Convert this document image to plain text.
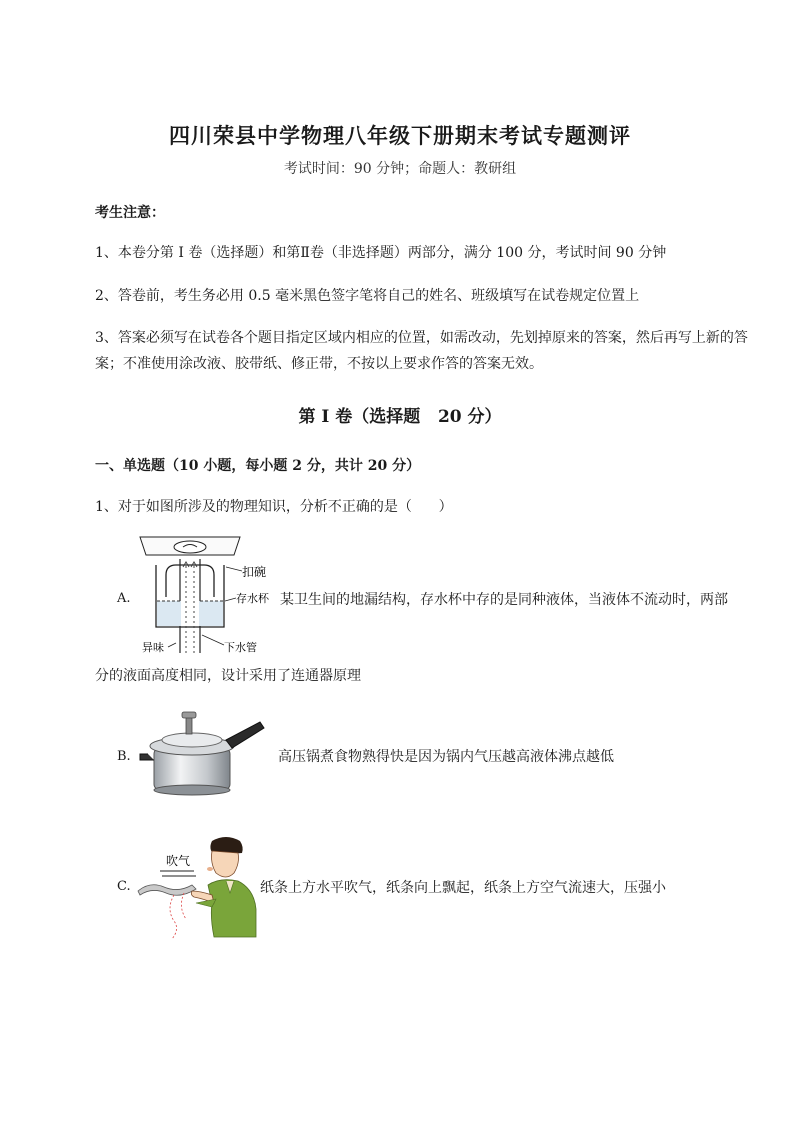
四川荣县中学物理八年级下册期末考试专题测评
考试时间：90 分钟；命题人：教研组
考生注意：
1、本卷分第 I 卷（选择题）和第Ⅱ卷（非选择题）两部分，满分 100 分，考试时间 90 分钟
2、答卷前，考生务必用 0.5 毫米黑色签字笔将自己的姓名、班级填写在试卷规定位置上
3、答案必须写在试卷各个题目指定区域内相应的位置，如需改动，先划掉原来的答案，然后再写上新的答案；不准使用涂改液、胶带纸、修正带，不按以上要求作答的答案无效。
第 I 卷（选择题   20 分）
一、单选题（10 小题，每小题 2 分，共计 20 分）
1、对于如图所涉及的物理知识，分析不正确的是（      ）
A.
扣碗
存水杯
异味	下水管
某卫生间的地漏结构，存水杯中存的是同种液体，当液体不流动时，两部
分的液面高度相同，设计采用了连通器原理
B.	高压锅煮食物熟得快是因为锅内气压越高液体沸点越低
C.
吹气
纸条上方水平吹气，纸条向上飘起，纸条上方空气流速大，压强小
